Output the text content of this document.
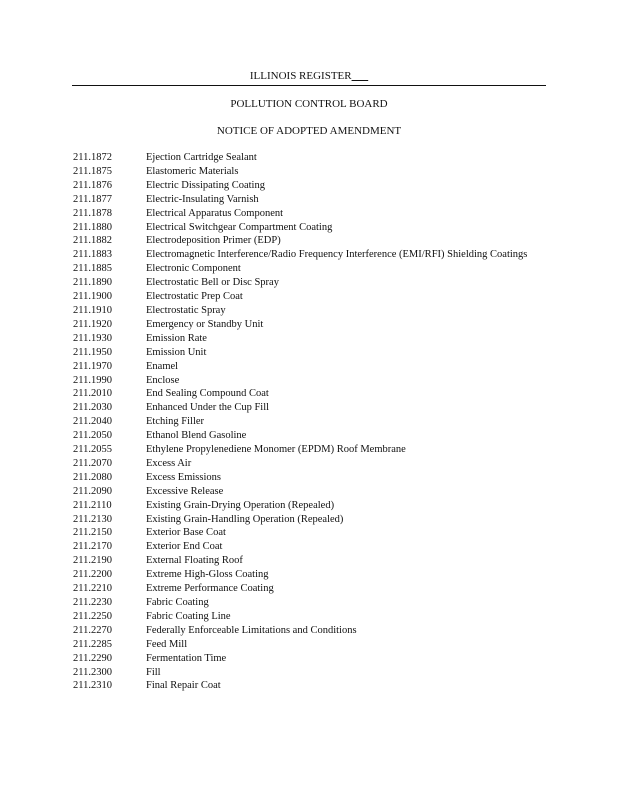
ILLINOIS REGISTER___
POLLUTION CONTROL BOARD
NOTICE OF ADOPTED AMENDMENT
211.1872	Ejection Cartridge Sealant
211.1875	Elastomeric Materials
211.1876	Electric Dissipating Coating
211.1877	Electric-Insulating Varnish
211.1878	Electrical Apparatus Component
211.1880	Electrical Switchgear Compartment Coating
211.1882	Electrodeposition Primer (EDP)
211.1883	Electromagnetic Interference/Radio Frequency Interference (EMI/RFI) Shielding Coatings
211.1885	Electronic Component
211.1890	Electrostatic Bell or Disc Spray
211.1900	Electrostatic Prep Coat
211.1910	Electrostatic Spray
211.1920	Emergency or Standby Unit
211.1930	Emission Rate
211.1950	Emission Unit
211.1970	Enamel
211.1990	Enclose
211.2010	End Sealing Compound Coat
211.2030	Enhanced Under the Cup Fill
211.2040	Etching Filler
211.2050	Ethanol Blend Gasoline
211.2055	Ethylene Propylenediene Monomer (EPDM) Roof Membrane
211.2070	Excess Air
211.2080	Excess Emissions
211.2090	Excessive Release
211.2110	Existing Grain-Drying Operation (Repealed)
211.2130	Existing Grain-Handling Operation (Repealed)
211.2150	Exterior Base Coat
211.2170	Exterior End Coat
211.2190	External Floating Roof
211.2200	Extreme High-Gloss Coating
211.2210	Extreme Performance Coating
211.2230	Fabric Coating
211.2250	Fabric Coating Line
211.2270	Federally Enforceable Limitations and Conditions
211.2285	Feed Mill
211.2290	Fermentation Time
211.2300	Fill
211.2310	Final Repair Coat
